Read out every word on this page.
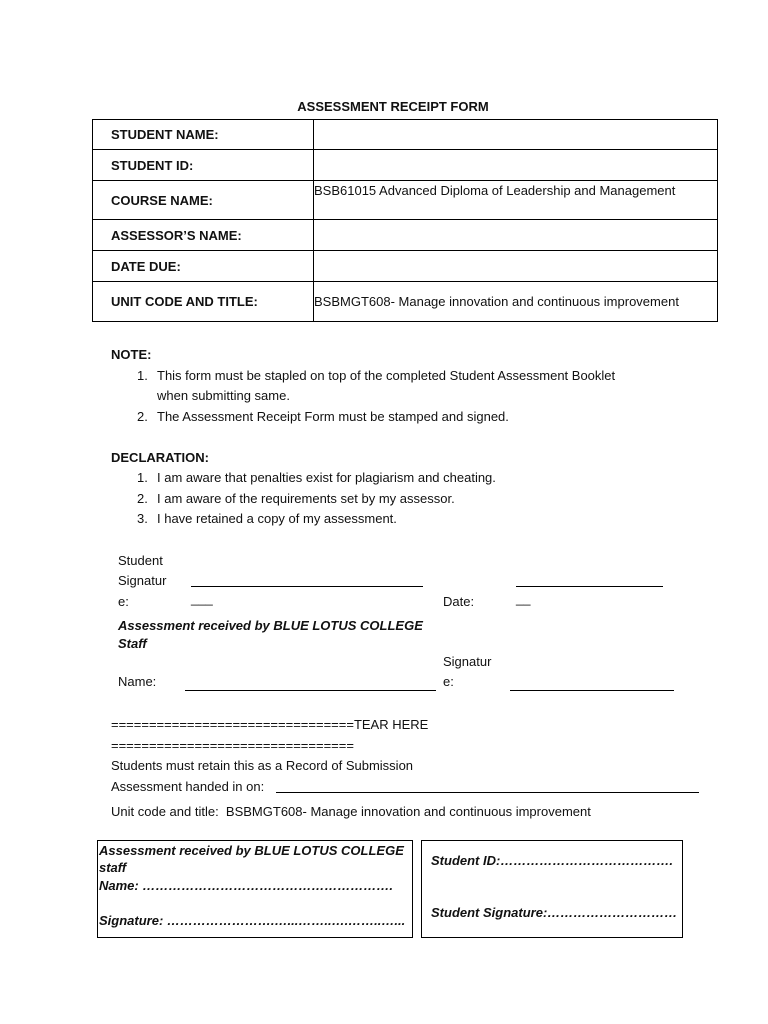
ASSESSMENT RECEIPT FORM
STUDENT NAME:	
STUDENT ID:	
COURSE NAME:	BSB61015 Advanced Diploma of Leadership and Management
ASSESSOR’S NAME:	
DATE DUE:	
UNIT CODE AND TITLE:	BSBMGT608- Manage innovation and continuous improvement
NOTE:
1. This form must be stapled on top of the completed Student Assessment Booklet
when submitting same.
2. The Assessment Receipt Form must be stamped and signed.
DECLARATION:
1. I am aware that penalties exist for plagiarism and cheating.
2. I am aware of the requirements set by my assessor.
3. I have retained a copy of my assessment.
Student
Signatur
e:	___	Date:	__
Assessment received by BLUE LOTUS COLLEGE
Staff
Signatur
e:
Name:
================================TEAR HERE
================================
Students must retain this as a Record of Submission
Assessment handed in on:
Unit code and title: BSBMGT608- Manage innovation and continuous improvement
Assessment received by BLUE LOTUS COLLEGE
staff
Name: ………………………………………………….
Signature: …………………….…...……..….……..…...
Student ID:………………………………….
Student Signature:…………………………
